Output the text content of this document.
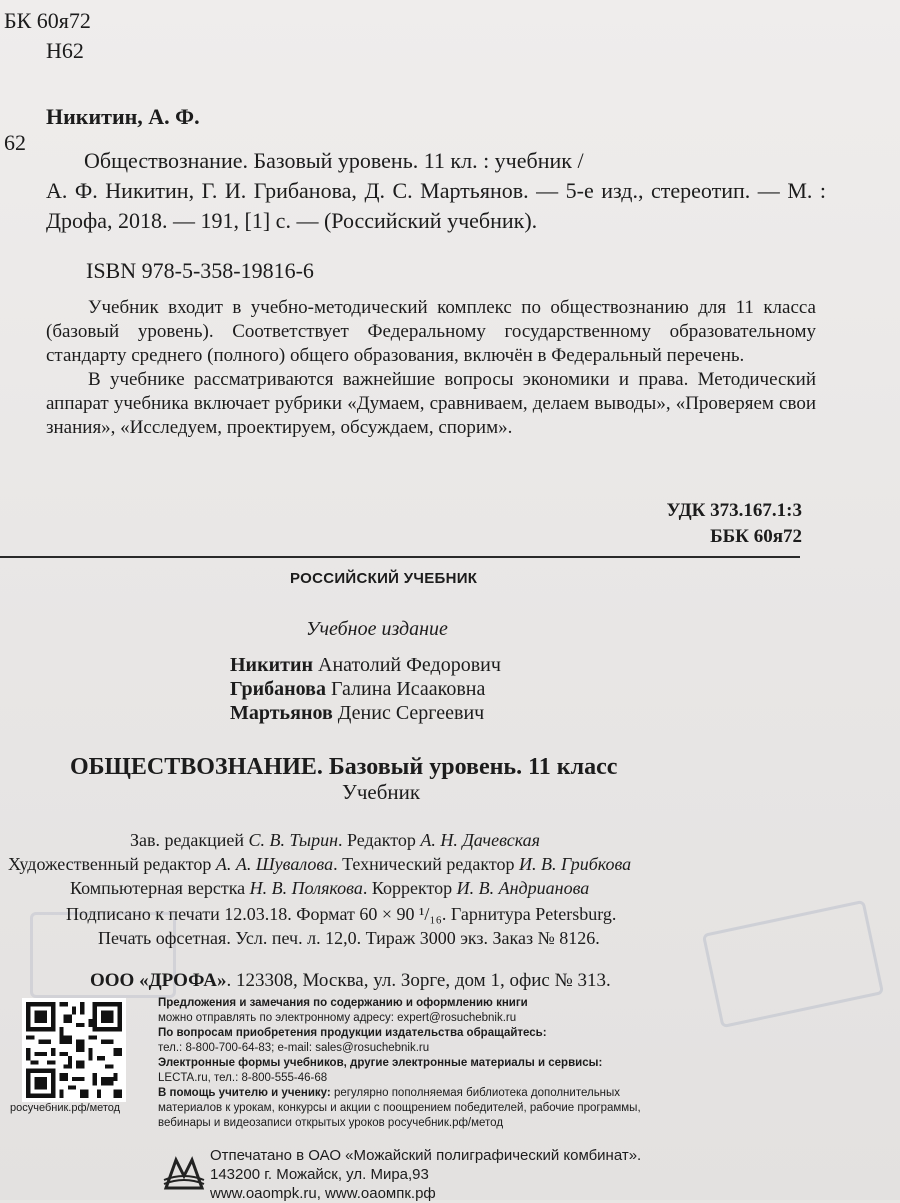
БК 60я72
Н62
Никитин, А. Ф.
62
Обществознание. Базовый уровень. 11 кл. : учебник /
А. Ф. Никитин, Г. И. Грибанова, Д. С. Мартьянов. — 5-е изд., стереотип. — М. : Дрофа, 2018. — 191, [1] с. — (Российский учебник).
ISBN 978-5-358-19816-6

Учебник входит в учебно-методический комплекс по обществознанию для 11 класса (базовый уровень). Соответствует Федеральному государственному образовательному стандарту среднего (полного) общего образования, включён в Федеральный перечень.

В учебнике рассматриваются важнейшие вопросы экономики и права. Методический аппарат учебника включает рубрики «Думаем, сравниваем, делаем выводы», «Проверяем свои знания», «Исследуем, проектируем, обсуждаем, спорим».

УДК 373.167.1:3
ББК 60я72
РОССИЙСКИЙ УЧЕБНИК
Учебное издание
Никитин Анатолий Федорович
Грибанова Галина Исааковна
Мартьянов Денис Сергеевич
ОБЩЕСТВОЗНАНИЕ. Базовый уровень. 11 класс
Учебник
Зав. редакцией С. В. Тырин. Редактор А. Н. Дачевская
Художественный редактор А. А. Шувалова. Технический редактор И. В. Грибкова
Компьютерная верстка Н. В. Полякова. Корректор И. В. Андрианова
Подписано к печати 12.03.18. Формат 60 × 90 ¹/₁₆. Гарнитура Petersburg.
Печать офсетная. Усл. печ. л. 12,0. Тираж 3000 экз. Заказ № 8126.
ООО «ДРОФА». 123308, Москва, ул. Зорге, дом 1, офис № 313.
росучебник.рф/метод
Предложения и замечания по содержанию и оформлению книги
можно отправлять по электронному адресу: expert@rosuchebnik.ru
По вопросам приобретения продукции издательства обращайтесь:
тел.: 8-800-700-64-83; e-mail: sales@rosuchebnik.ru
Электронные формы учебников, другие электронные материалы и сервисы:
LECTA.ru, тел.: 8-800-555-46-68
В помощь учителю и ученику: регулярно пополняемая библиотека дополнительных
материалов к урокам, конкурсы и акции с поощрением победителей, рабочие программы,
вебинары и видеозаписи открытых уроков росучебник.рф/метод
Отпечатано в ОАО «Можайский полиграфический комбинат».
143200 г. Можайск, ул. Мира,93
www.oaompk.ru, www.oaoмпк.рф
